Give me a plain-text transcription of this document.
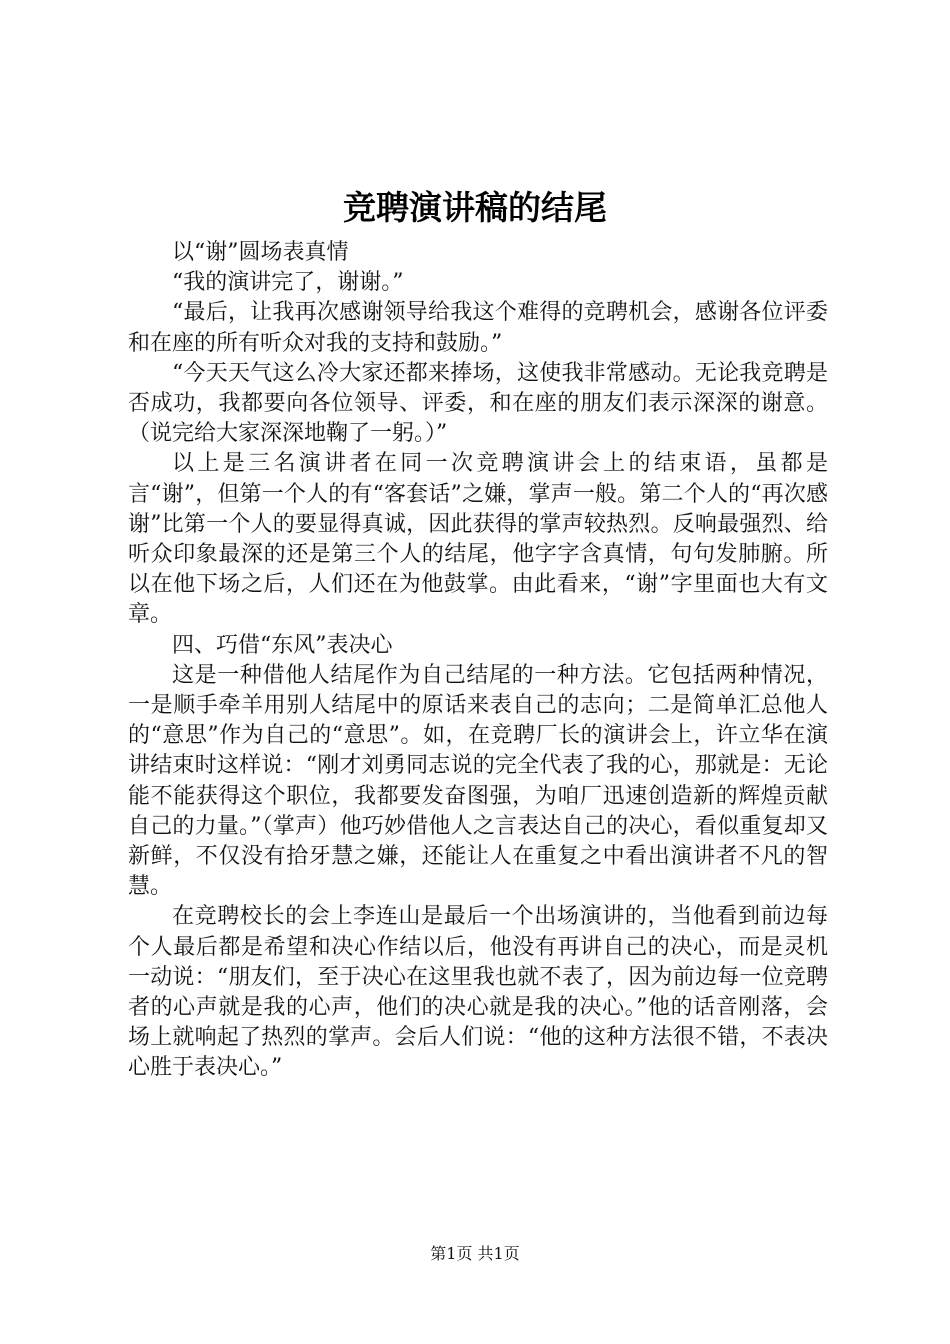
竞聘演讲稿的结尾

以“谢”圆场表真情

“我的演讲完了，谢谢。”

“最后，让我再次感谢领导给我这个难得的竞聘机会，感谢各位评委和在座的所有听众对我的支持和鼓励。”

“今天天气这么冷大家还都来捧场，这使我非常感动。无论我竞聘是否成功，我都要向各位领导、评委，和在座的朋友们表示深深的谢意。（说完给大家深深地鞠了一躬。）”

以上是三名演讲者在同一次竞聘演讲会上的结束语，虽都是言“谢”，但第一个人的有“客套话”之嫌，掌声一般。第二个人的“再次感谢”比第一个人的要显得真诚，因此获得的掌声较热烈。反响最强烈、给听众印象最深的还是第三个人的结尾，他字字含真情，句句发肺腑。所以在他下场之后，人们还在为他鼓掌。由此看来，“谢”字里面也大有文章。

四、巧借“东风”表决心

这是一种借他人结尾作为自己结尾的一种方法。它包括两种情况，一是顺手牵羊用别人结尾中的原话来表自己的志向；二是简单汇总他人的“意思”作为自己的“意思”。如，在竞聘厂长的演讲会上，许立华在演讲结束时这样说：“刚才刘勇同志说的完全代表了我的心，那就是：无论能不能获得这个职位，我都要发奋图强，为咱厂迅速创造新的辉煌贡献自己的力量。”（掌声）他巧妙借他人之言表达自己的决心，看似重复却又新鲜，不仅没有拾牙慧之嫌，还能让人在重复之中看出演讲者不凡的智慧。

在竞聘校长的会上李连山是最后一个出场演讲的，当他看到前边每个人最后都是希望和决心作结以后，他没有再讲自己的决心，而是灵机一动说：“朋友们，至于决心在这里我也就不表了，因为前边每一位竞聘者的心声就是我的心声，他们的决心就是我的决心。”他的话音刚落，会场上就响起了热烈的掌声。会后人们说：“他的这种方法很不错，不表决心胜于表决心。”

第1页 共1页
